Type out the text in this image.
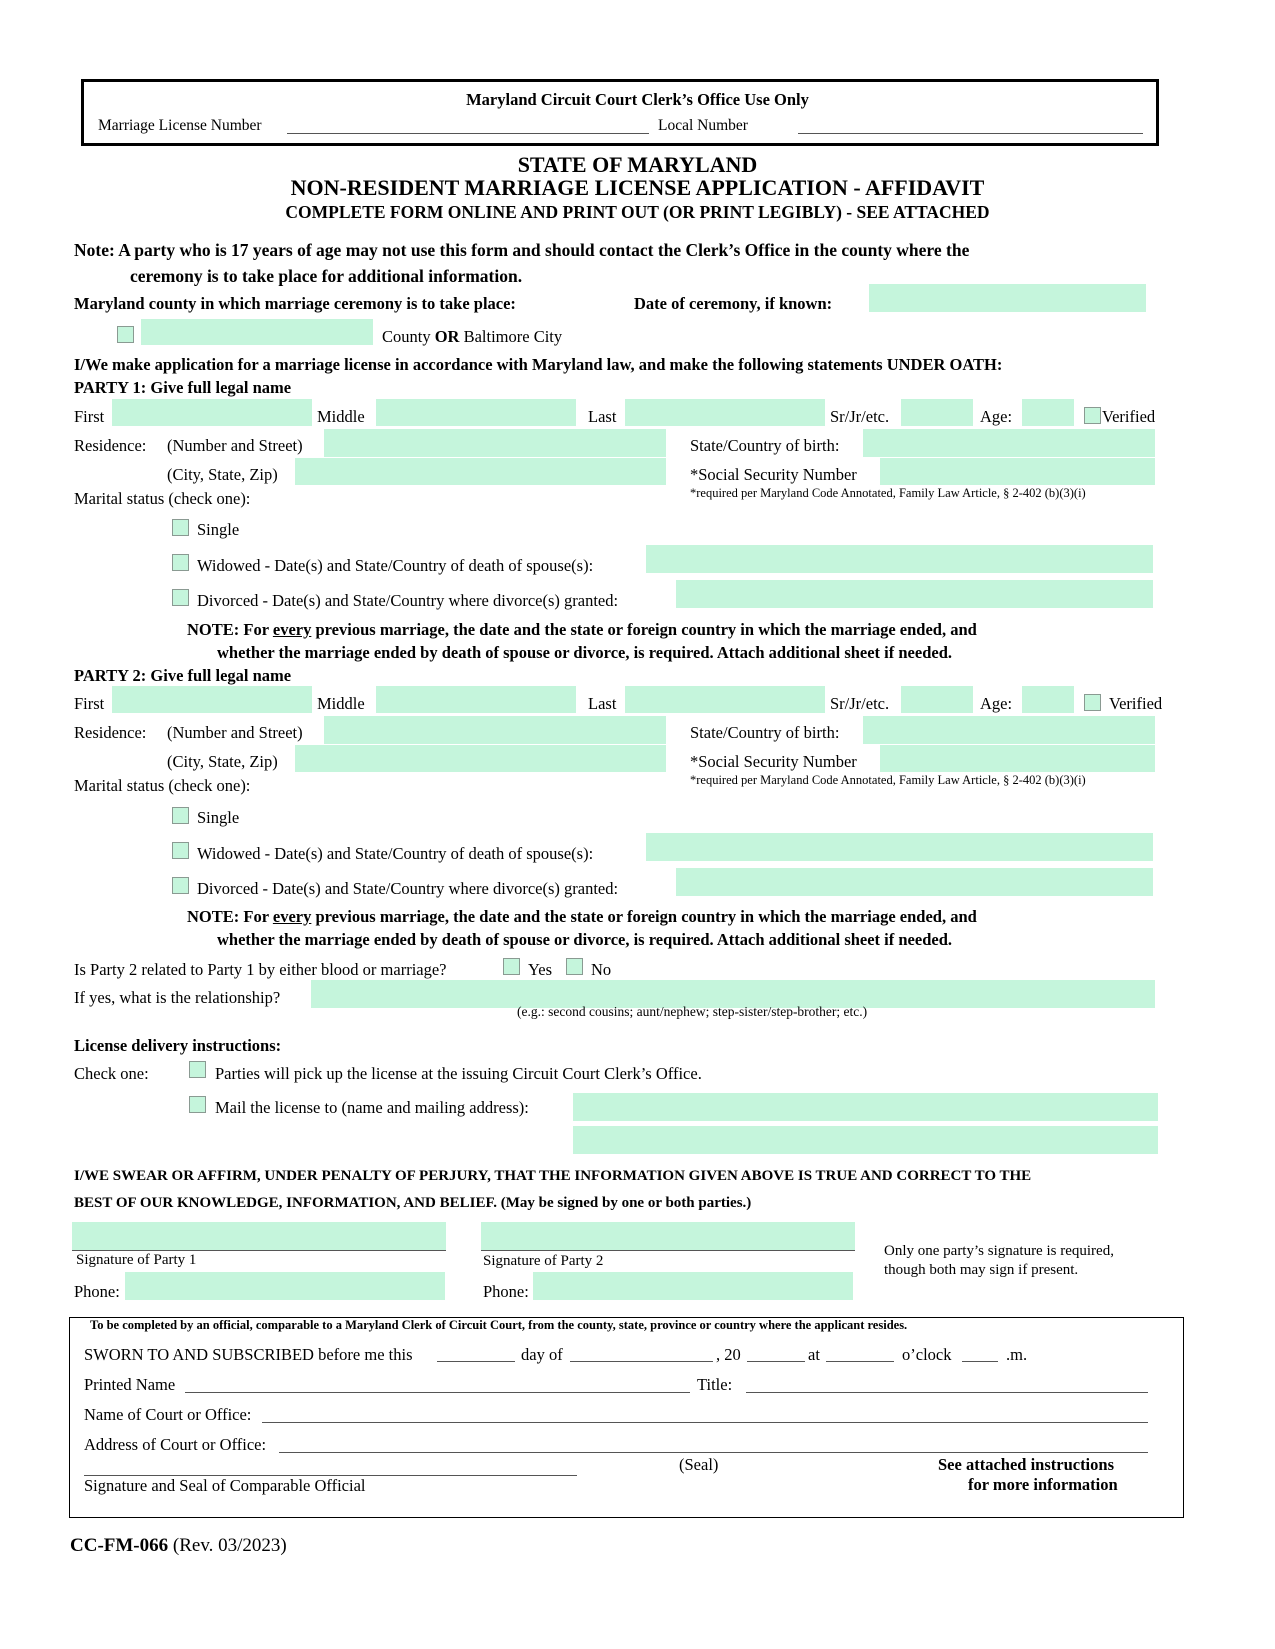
Maryland Circuit Court Clerk’s Office Use Only
Marriage License Number	Local Number
STATE OF MARYLAND
NON-RESIDENT MARRIAGE LICENSE APPLICATION - AFFIDAVIT
COMPLETE FORM ONLINE AND PRINT OUT (OR PRINT LEGIBLY) - SEE ATTACHED
Note: A party who is 17 years of age may not use this form and should contact the Clerk’s Office in the county where the
ceremony is to take place for additional information.
Maryland county in which marriage ceremony is to take place:	Date of ceremony, if known:
County OR Baltimore City
I/We make application for a marriage license in accordance with Maryland law, and make the following statements UNDER OATH:
PARTY 1: Give full legal name
First	Middle	Last	Sr/Jr/etc.	Age:	Verified
Residence: (Number and Street)	State/Country of birth:
(City, State, Zip)	*Social Security Number
*required per Maryland Code Annotated, Family Law Article, § 2-402 (b)(3)(i)
Marital status (check one):
Single
Widowed - Date(s) and State/Country of death of spouse(s):
Divorced - Date(s) and State/Country where divorce(s) granted:
NOTE: For every previous marriage, the date and the state or foreign country in which the marriage ended, and
whether the marriage ended by death of spouse or divorce, is required. Attach additional sheet if needed.
PARTY 2: Give full legal name
First	Middle	Last	Sr/Jr/etc.	Age:	Verified
Residence: (Number and Street)	State/Country of birth:
(City, State, Zip)	*Social Security Number
*required per Maryland Code Annotated, Family Law Article, § 2-402 (b)(3)(i)
Marital status (check one):
Single
Widowed - Date(s) and State/Country of death of spouse(s):
Divorced - Date(s) and State/Country where divorce(s) granted:
NOTE: For every previous marriage, the date and the state or foreign country in which the marriage ended, and
whether the marriage ended by death of spouse or divorce, is required. Attach additional sheet if needed.
Is Party 2 related to Party 1 by either blood or marriage?	Yes No
If yes, what is the relationship?
(e.g.: second cousins; aunt/nephew; step-sister/step-brother; etc.)
License delivery instructions:
Check one:	Parties will pick up the license at the issuing Circuit Court Clerk’s Office.
Mail the license to (name and mailing address):
I/WE SWEAR OR AFFIRM, UNDER PENALTY OF PERJURY, THAT THE INFORMATION GIVEN ABOVE IS TRUE AND CORRECT TO THE
BEST OF OUR KNOWLEDGE, INFORMATION, AND BELIEF. (May be signed by one or both parties.)
Signature of Party 1	Signature of Party 2
Only one party’s signature is required,
though both may sign if present.
Phone:	Phone:
To be completed by an official, comparable to a Maryland Clerk of Circuit Court, from the county, state, province or country where the applicant resides.
SWORN TO AND SUBSCRIBED before me this	day of	, 20	at	o’clock	.m.
Printed Name	Title:
Name of Court or Office:
Address of Court or Office:
(Seal)	See attached instructions
for more information
Signature and Seal of Comparable Official
CC-FM-066 (Rev. 03/2023)
